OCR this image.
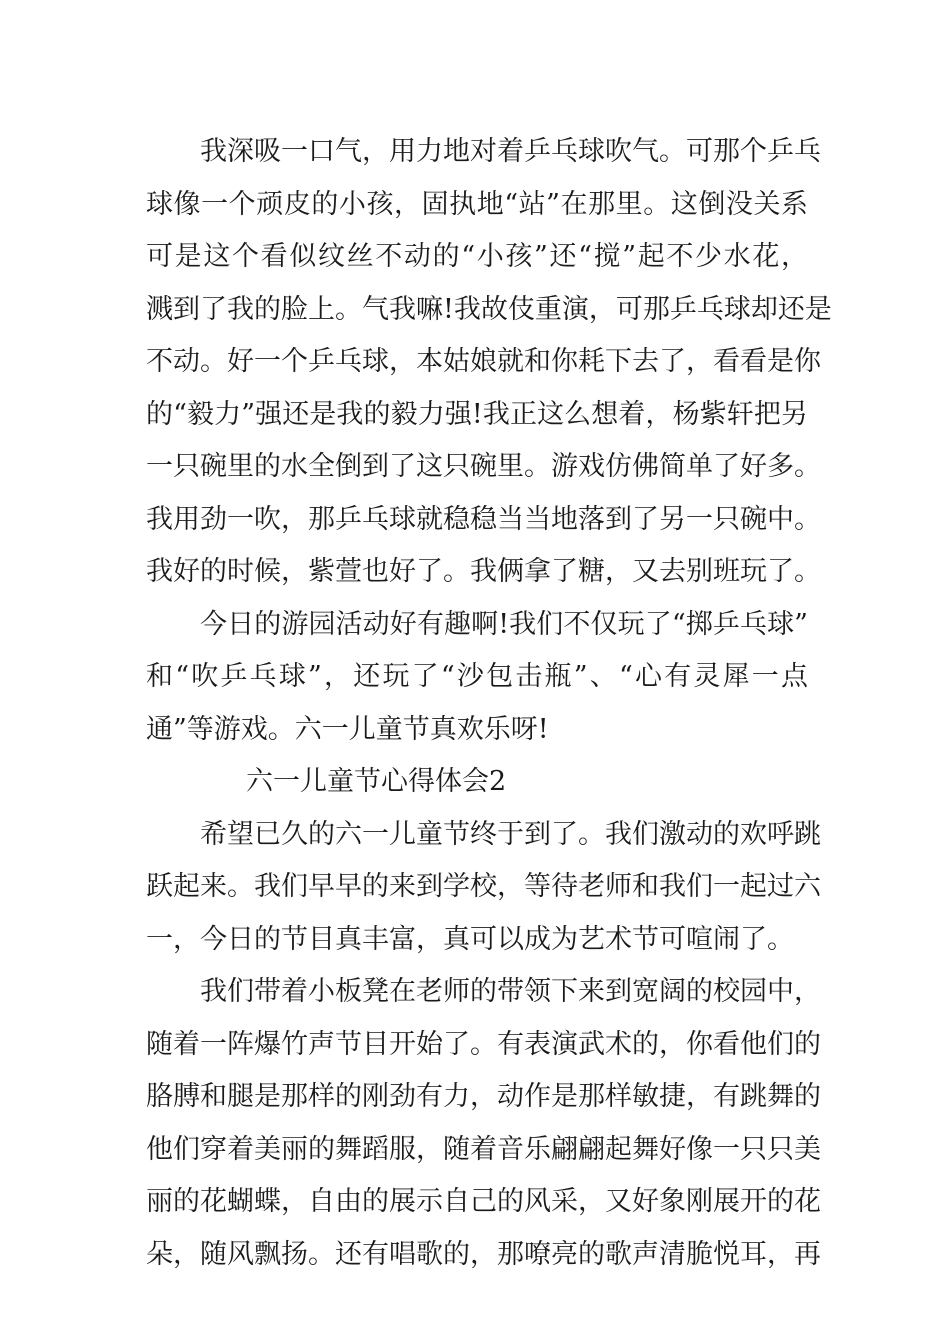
我深吸一口气，用力地对着乒乓球吹气。可那个乒乓
球像一个顽皮的小孩，固执地“站”在那里。这倒没关系
可是这个看似纹丝不动的“小孩”还“搅”起不少水花，
溅到了我的脸上。气我嘛!我故伎重演，可那乒乓球却还是
不动。好一个乒乓球，本姑娘就和你耗下去了，看看是你
的“毅力”强还是我的毅力强!我正这么想着，杨紫轩把另
一只碗里的水全倒到了这只碗里。游戏仿佛简单了好多。
我用劲一吹，那乒乓球就稳稳当当地落到了另一只碗中。
我好的时候，紫萱也好了。我俩拿了糖，又去别班玩了。

今日的游园活动好有趣啊!我们不仅玩了“掷乒乓球”
和“吹乒乓球”，还玩了“沙包击瓶”、“心有灵犀一点
通”等游戏。六一儿童节真欢乐呀!

六一儿童节心得体会2

希望已久的六一儿童节终于到了。我们激动的欢呼跳
跃起来。我们早早的来到学校，等待老师和我们一起过六
一，今日的节目真丰富，真可以成为艺术节可喧闹了。

我们带着小板凳在老师的带领下来到宽阔的校园中，
随着一阵爆竹声节目开始了。有表演武术的，你看他们的
胳膊和腿是那样的刚劲有力，动作是那样敏捷，有跳舞的
他们穿着美丽的舞蹈服，随着音乐翩翩起舞好像一只只美
丽的花蝴蝶，自由的展示自己的风采，又好象刚展开的花
朵，随风飘扬。还有唱歌的，那嘹亮的歌声清脆悦耳，再
